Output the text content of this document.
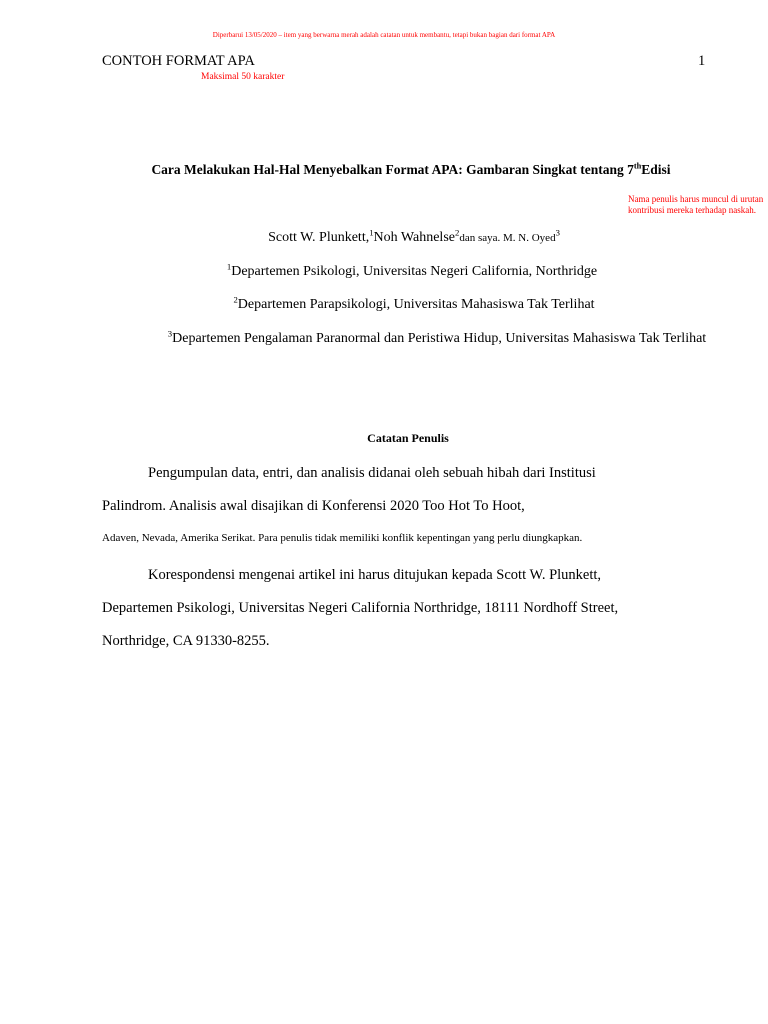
Diperbarui 13/05/2020 – item yang berwarna merah adalah catatan untuk membantu, tetapi bukan bagian dari format APA
CONTOH FORMAT APA	1
Maksimal 50 karakter
Cara Melakukan Hal-Hal Menyebalkan Format APA: Gambaran Singkat tentang 7thEdisi
Nama penulis harus muncul di urutan kontribusi mereka terhadap naskah.
Scott W. Plunkett,$^1$Noh Wahnelse$^2$dan saya. M. N. Oyed$^3$
$^1$Departemen Psikologi, Universitas Negeri California, Northridge
$^2$Departemen Parapsikologi, Universitas Mahasiswa Tak Terlihat
$^3$Departemen Pengalaman Paranormal dan Peristiwa Hidup, Universitas Mahasiswa Tak Terlihat
Catatan Penulis
Pengumpulan data, entri, dan analisis didanai oleh sebuah hibah dari Institusi
Palindrom. Analisis awal disajikan di Konferensi 2020 Too Hot To Hoot,
Adaven, Nevada, Amerika Serikat. Para penulis tidak memiliki konflik kepentingan yang perlu diungkapkan.
Korespondensi mengenai artikel ini harus ditujukan kepada Scott W. Plunkett,
Departemen Psikologi, Universitas Negeri California Northridge, 18111 Nordhoff Street,
Northridge, CA 91330-8255.
